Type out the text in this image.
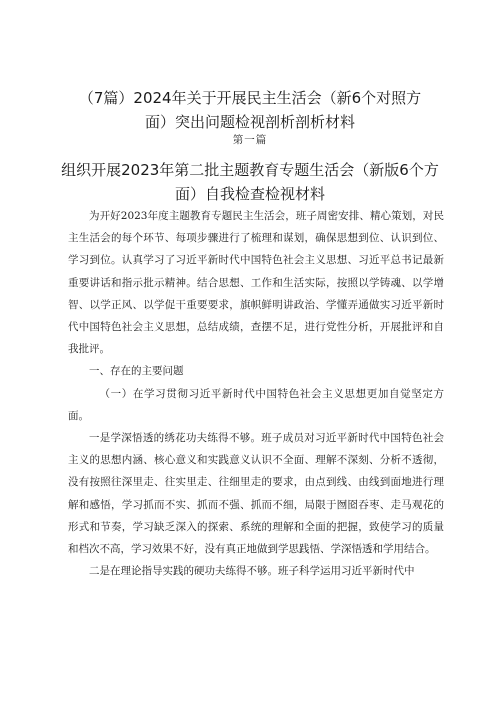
（7篇）2024年关于开展民主生活会（新6个对照方
面）突出问题检视剖析剖析材料
第一篇
组织开展2023年第二批主题教育专题生活会（新版6个方
面）自我检查检视材料

为开好2023年度主题教育专题民主生活会，班子周密安排、精心策划，对民主生活会的每个环节、每项步骤进行了梳理和谋划，确保思想到位、认识到位、学习到位。认真学习了习近平新时代中国特色社会主义思想、习近平总书记最新重要讲话和指示批示精神。结合思想、工作和生活实际，按照以学铸魂、以学增智、以学正风、以学促干重要要求，旗帜鲜明讲政治、学懂弄通做实习近平新时代中国特色社会主义思想，总结成绩，查摆不足，进行党性分析，开展批评和自我批评。

一、存在的主要问题

（一）在学习贯彻习近平新时代中国特色社会主义思想更加自觉坚定方面。

一是学深悟透的绣花功夫练得不够。班子成员对习近平新时代中国特色社会主义的思想内涵、核心意义和实践意义认识不全面、理解不深刻、分析不透彻，没有按照往深里走、往实里走、往细里走的要求，由点到线、由线到面地进行理解和感悟，学习抓而不实、抓而不强、抓而不细，局限于囫囵吞枣、走马观花的形式和节奏，学习缺乏深入的探索、系统的理解和全面的把握，致使学习的质量和档次不高，学习效果不好，没有真正地做到学思践悟、学深悟透和学用结合。

二是在理论指导实践的硬功夫练得不够。班子科学运用习近平新时代中
